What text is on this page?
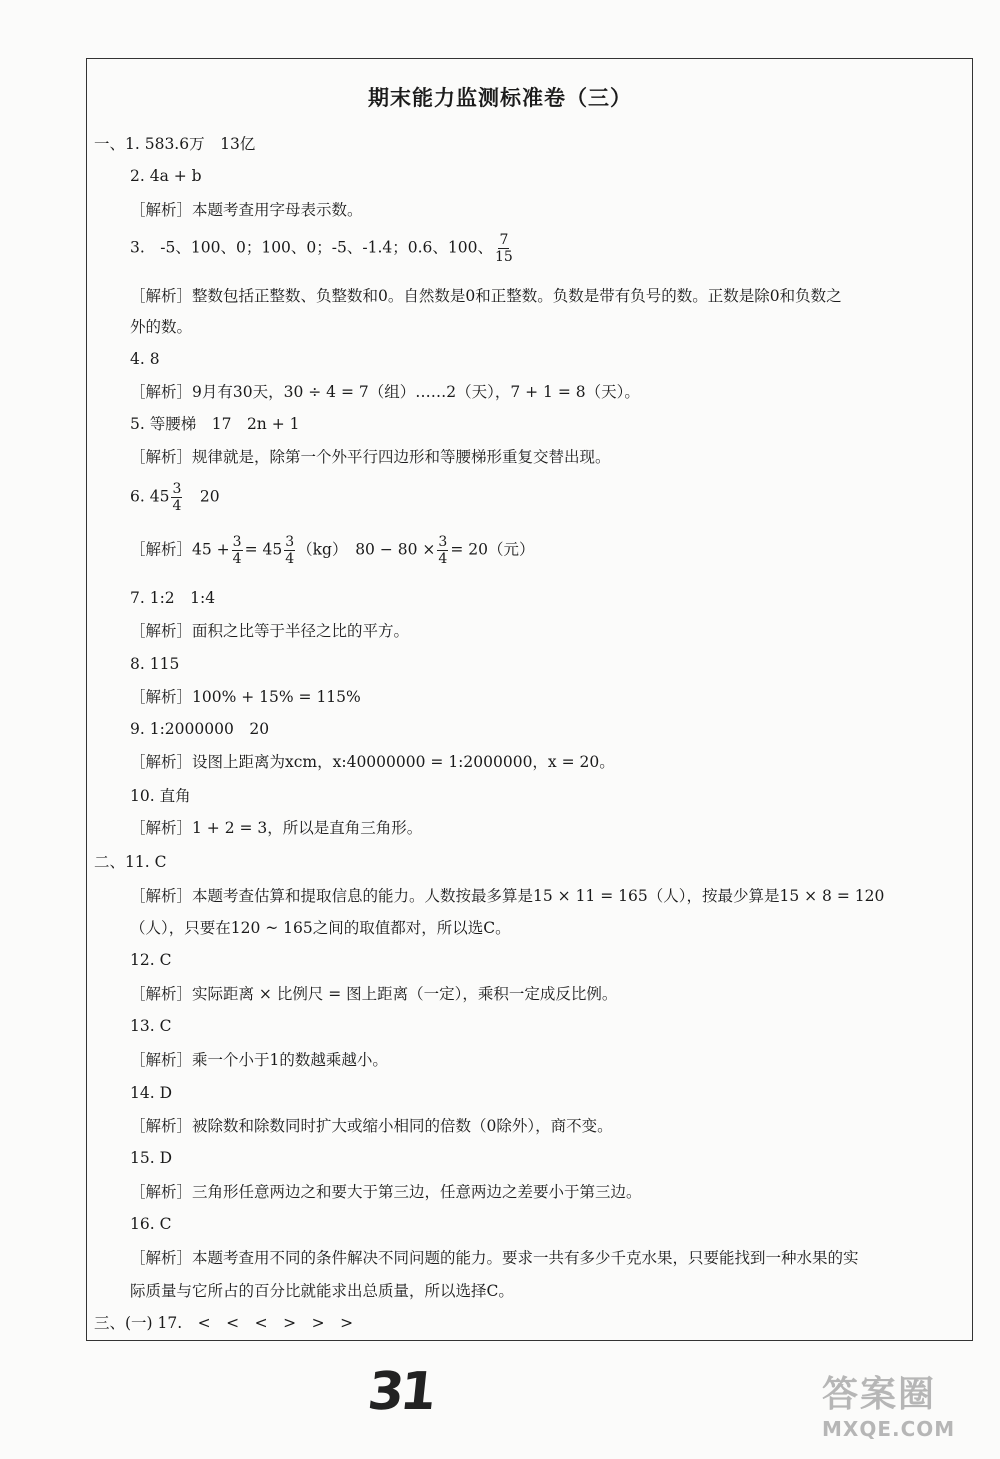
期末能力监测标准卷（三）
一、1. 583.6万　13亿
2. 4a + b
［解析］本题考查用字母表示数。
3.　-5、100、0；100、0；-5、-1.4；0.6、100、 $\frac{7}{15}$
［解析］整数包括正整数、负整数和0。自然数是0和正整数。负数是带有负号的数。正数是除0和负数之
外的数。
4. 8
［解析］9月有30天，30 ÷ 4 = 7（组）……2（天），7 + 1 = 8（天）。
5. 等腰梯　17　2n + 1
［解析］规律就是，除第一个外平行四边形和等腰梯形重复交替出现。
6. $45 \frac{3}{4}$ 　20
［解析］45 + $\frac{3}{4} = 45 \frac{3}{4} (kg)$　$80 - 80 \times \frac{3}{4} = 20$（元）
7. 1:2　1:4
［解析］面积之比等于半径之比的平方。
8. 115
［解析］100% + 15% = 115%
9. 1:2000000　20
［解析］设图上距离为xcm，x:40000000 = 1:2000000，x = 20。
10. 直角
［解析］1 + 2 = 3，所以是直角三角形。
二、11. C
［解析］本题考查估算和提取信息的能力。人数按最多算是15 × 11 = 165（人），按最少算是15 × 8 = 120
（人），只要在120 ~ 165之间的取值都对，所以选C。
12. C
［解析］实际距离 × 比例尺 = 图上距离（一定），乘积一定成反比例。
13. C
［解析］乘一个小于1的数越乘越小。
14. D
［解析］被除数和除数同时扩大或缩小相同的倍数（0除外），商不变。
15. D
［解析］三角形任意两边之和要大于第三边，任意两边之差要小于第三边。
16. C
［解析］本题考查用不同的条件解决不同问题的能力。要求一共有多少千克水果，只要能找到一种水果的实
际质量与它所占的百分比就能求出总质量，所以选择C。
三、(一) 17.　<　<　<　>　>　>
31	答案圈
MXQE.COM
